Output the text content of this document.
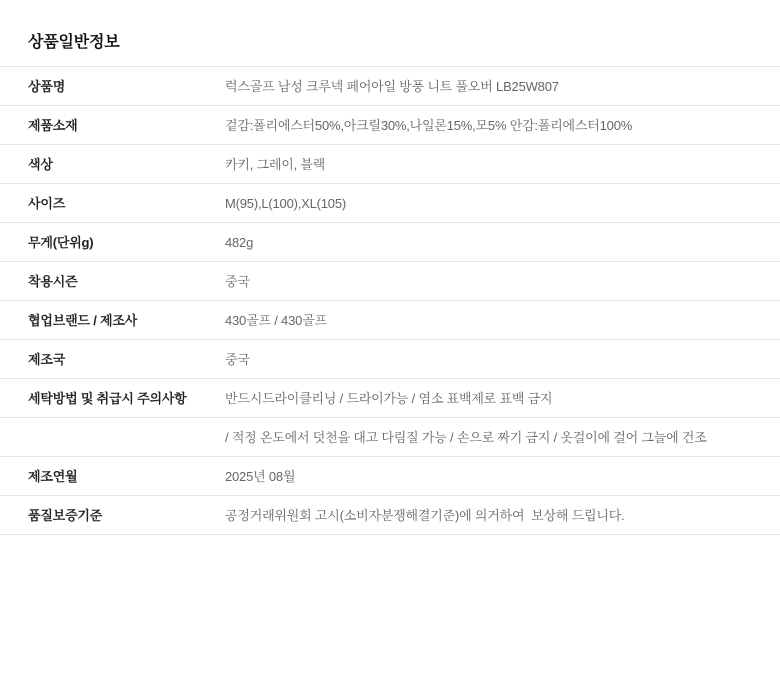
상품일반정보
상품명	럭스골프 남성 크루넥 페어아일 방풍 니트 풀오버 LB25W807
제품소재	겉감:폴리에스터50%,아크릴30%,나일론15%,모5% 안감:폴리에스터100%
색상	카키, 그레이, 블랙
사이즈	M(95),L(100),XL(105)
무게(단위g)	482g
착용시즌	중국
협업브랜드 / 제조사	430골프 / 430골프
제조국	중국
세탁방법 및 취급시 주의사항	반드시드라이클리닝 / 드라이가능 / 염소 표백제로 표백 금지
/ 적정 온도에서 덧천을 대고 다림질 가능 / 손으로 짜기 금지 / 옷걸이에 걸어 그늘에 건조
제조연월	2025년 08월
품질보증기준	공정거래위원회 고시(소비자분쟁해결기준)에 의거하여  보상해 드립니다.
